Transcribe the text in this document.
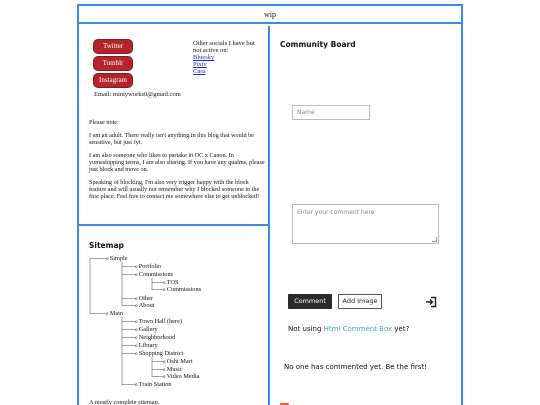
wip
Twitter
Tumblr
Instagram
Other socials I have but not active on:
Bluesky
Pixiv
Cara
Email: mintyworks0@gmail.com

Please note:

I am an adult. There really isn't anything in this blog that would be sensitive, but just fyi.

I am also someone who likes to partake in OC x Canon. In yumeshipping terms, I am also sharing. If you have any qualms, please just block and move on.

Speaking of blocking, I'm also very trigger happy with the block feature and will usually not remember why I blocked someone in the first place. Feel free to contact me somewhere else to get unblocked!

Sitemap
o Simple
o Portfolio
o Commissions
o TOS
o Commissions
o Other
o About
o Main
o Town Hall (here)
o Gallery
o Neighborhood
o Library
o Shopping District
o Oshi Mart
o Music
o Video Media
o Train Station
A mostly complete sitemap.
Community Board
Name
Enter your comment here
Comment	Add Image
Not using Html Comment Box yet?
No one has commented yet. Be the first!
